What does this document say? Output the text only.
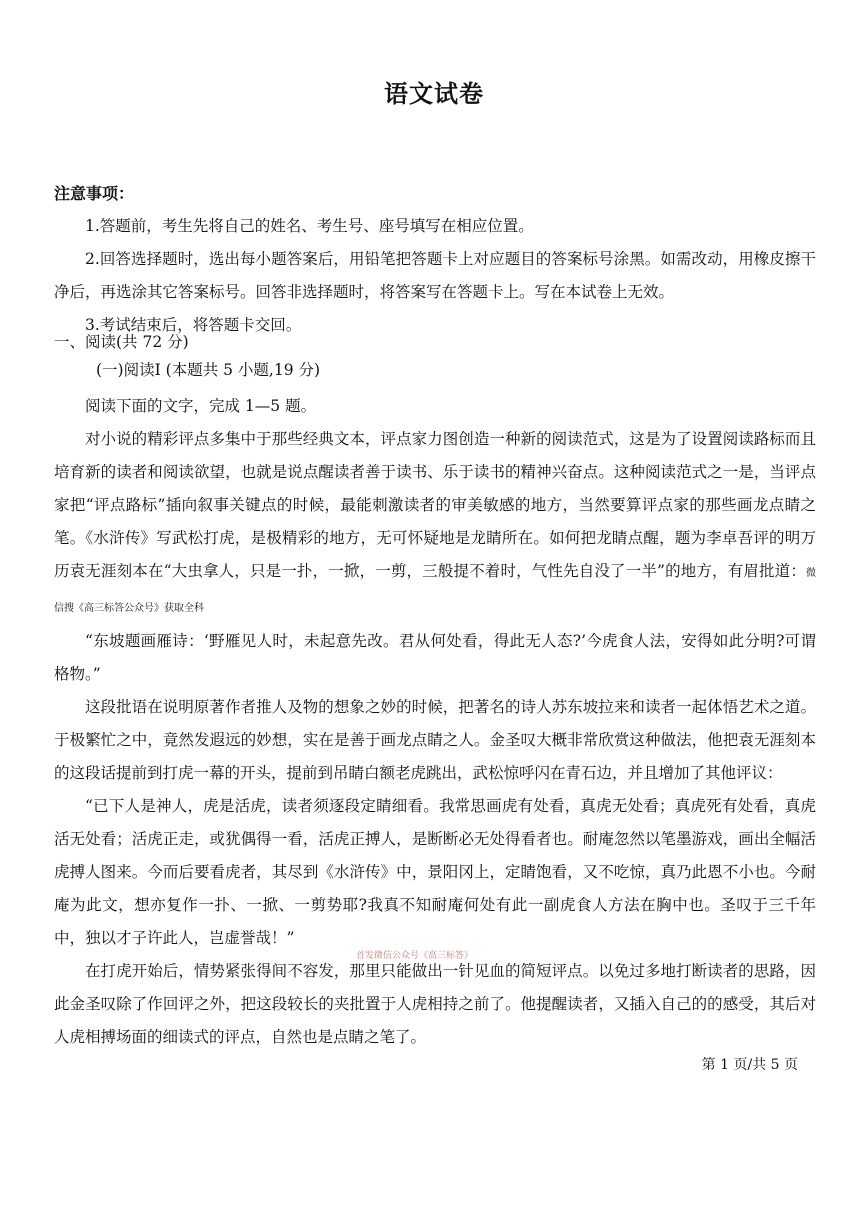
语文试卷
注意事项：

1.答题前，考生先将自己的姓名、考生号、座号填写在相应位置。

2.回答选择题时，选出每小题答案后，用铅笔把答题卡上对应题目的答案标号涂黑。如需改动，用橡皮擦干净后，再选涂其它答案标号。回答非选择题时，将答案写在答题卡上。写在本试卷上无效。

3.考试结束后，将答题卡交回。

一、阅读(共 72 分)
(一)阅读Ⅰ (本题共 5 小题,19 分)

阅读下面的文字，完成 1—5 题。

对小说的精彩评点多集中于那些经典文本，评点家力图创造一种新的阅读范式，这是为了设置阅读路标而且培育新的读者和阅读欲望，也就是说点醒读者善于读书、乐于读书的精神兴奋点。这种阅读范式之一是，当评点家把“评点路标”插向叙事关键点的时候，最能刺激读者的审美敏感的地方，当然要算评点家的那些画龙点睛之笔。《水浒传》写武松打虎，是极精彩的地方，无可怀疑地是龙睛所在。如何把龙睛点醒，题为李卓吾评的明万历袁无涯刻本在“大虫拿人，只是一扑，一掀，一剪，三般提不着时，气性先自没了一半”的地方，有眉批道：微信搜《高三标答公众号》获取全科

“东坡题画雁诗：‘野雁见人时，未起意先改。君从何处看，得此无人态?’今虎食人法，安得如此分明?可谓格物。”

这段批语在说明原著作者推人及物的想象之妙的时候，把著名的诗人苏东坡拉来和读者一起体悟艺术之道。于极繁忙之中，竟然发遐远的妙想，实在是善于画龙点睛之人。金圣叹大概非常欣赏这种做法，他把袁无涯刻本的这段话提前到打虎一幕的开头，提前到吊睛白额老虎跳出，武松惊呼闪在青石边，并且增加了其他评议：

“已下人是神人，虎是活虎，读者须逐段定睛细看。我常思画虎有处看，真虎无处看；真虎死有处看，真虎活无处看；活虎正走，或犹偶得一看，活虎正搏人，是断断必无处得看者也。耐庵忽然以笔墨游戏，画出全幅活虎搏人图来。今而后要看虎者，其尽到《水浒传》中，景阳冈上，定睛饱看，又不吃惊，真乃此恩不小也。今耐庵为此文，想亦复作一扑、一掀、一剪势耶?我真不知耐庵何处有此一副虎食人方法在胸中也。圣叹于三千年中，独以才子许此人，岂虚誉哉！”

在打虎开始后，情势紧张得间不容发，那里只能做出一针见血的简短评点。以免过多地打断读者的思路，因此金圣叹除了作回评之外，把这段较长的夹批置于人虎相持之前了。他提醒读者，又插入自己的的感受，其后对人虎相搏场面的细读式的评点，自然也是点睛之笔了。

首发微信公众号《高三标答》
第 1 页/共 5 页
